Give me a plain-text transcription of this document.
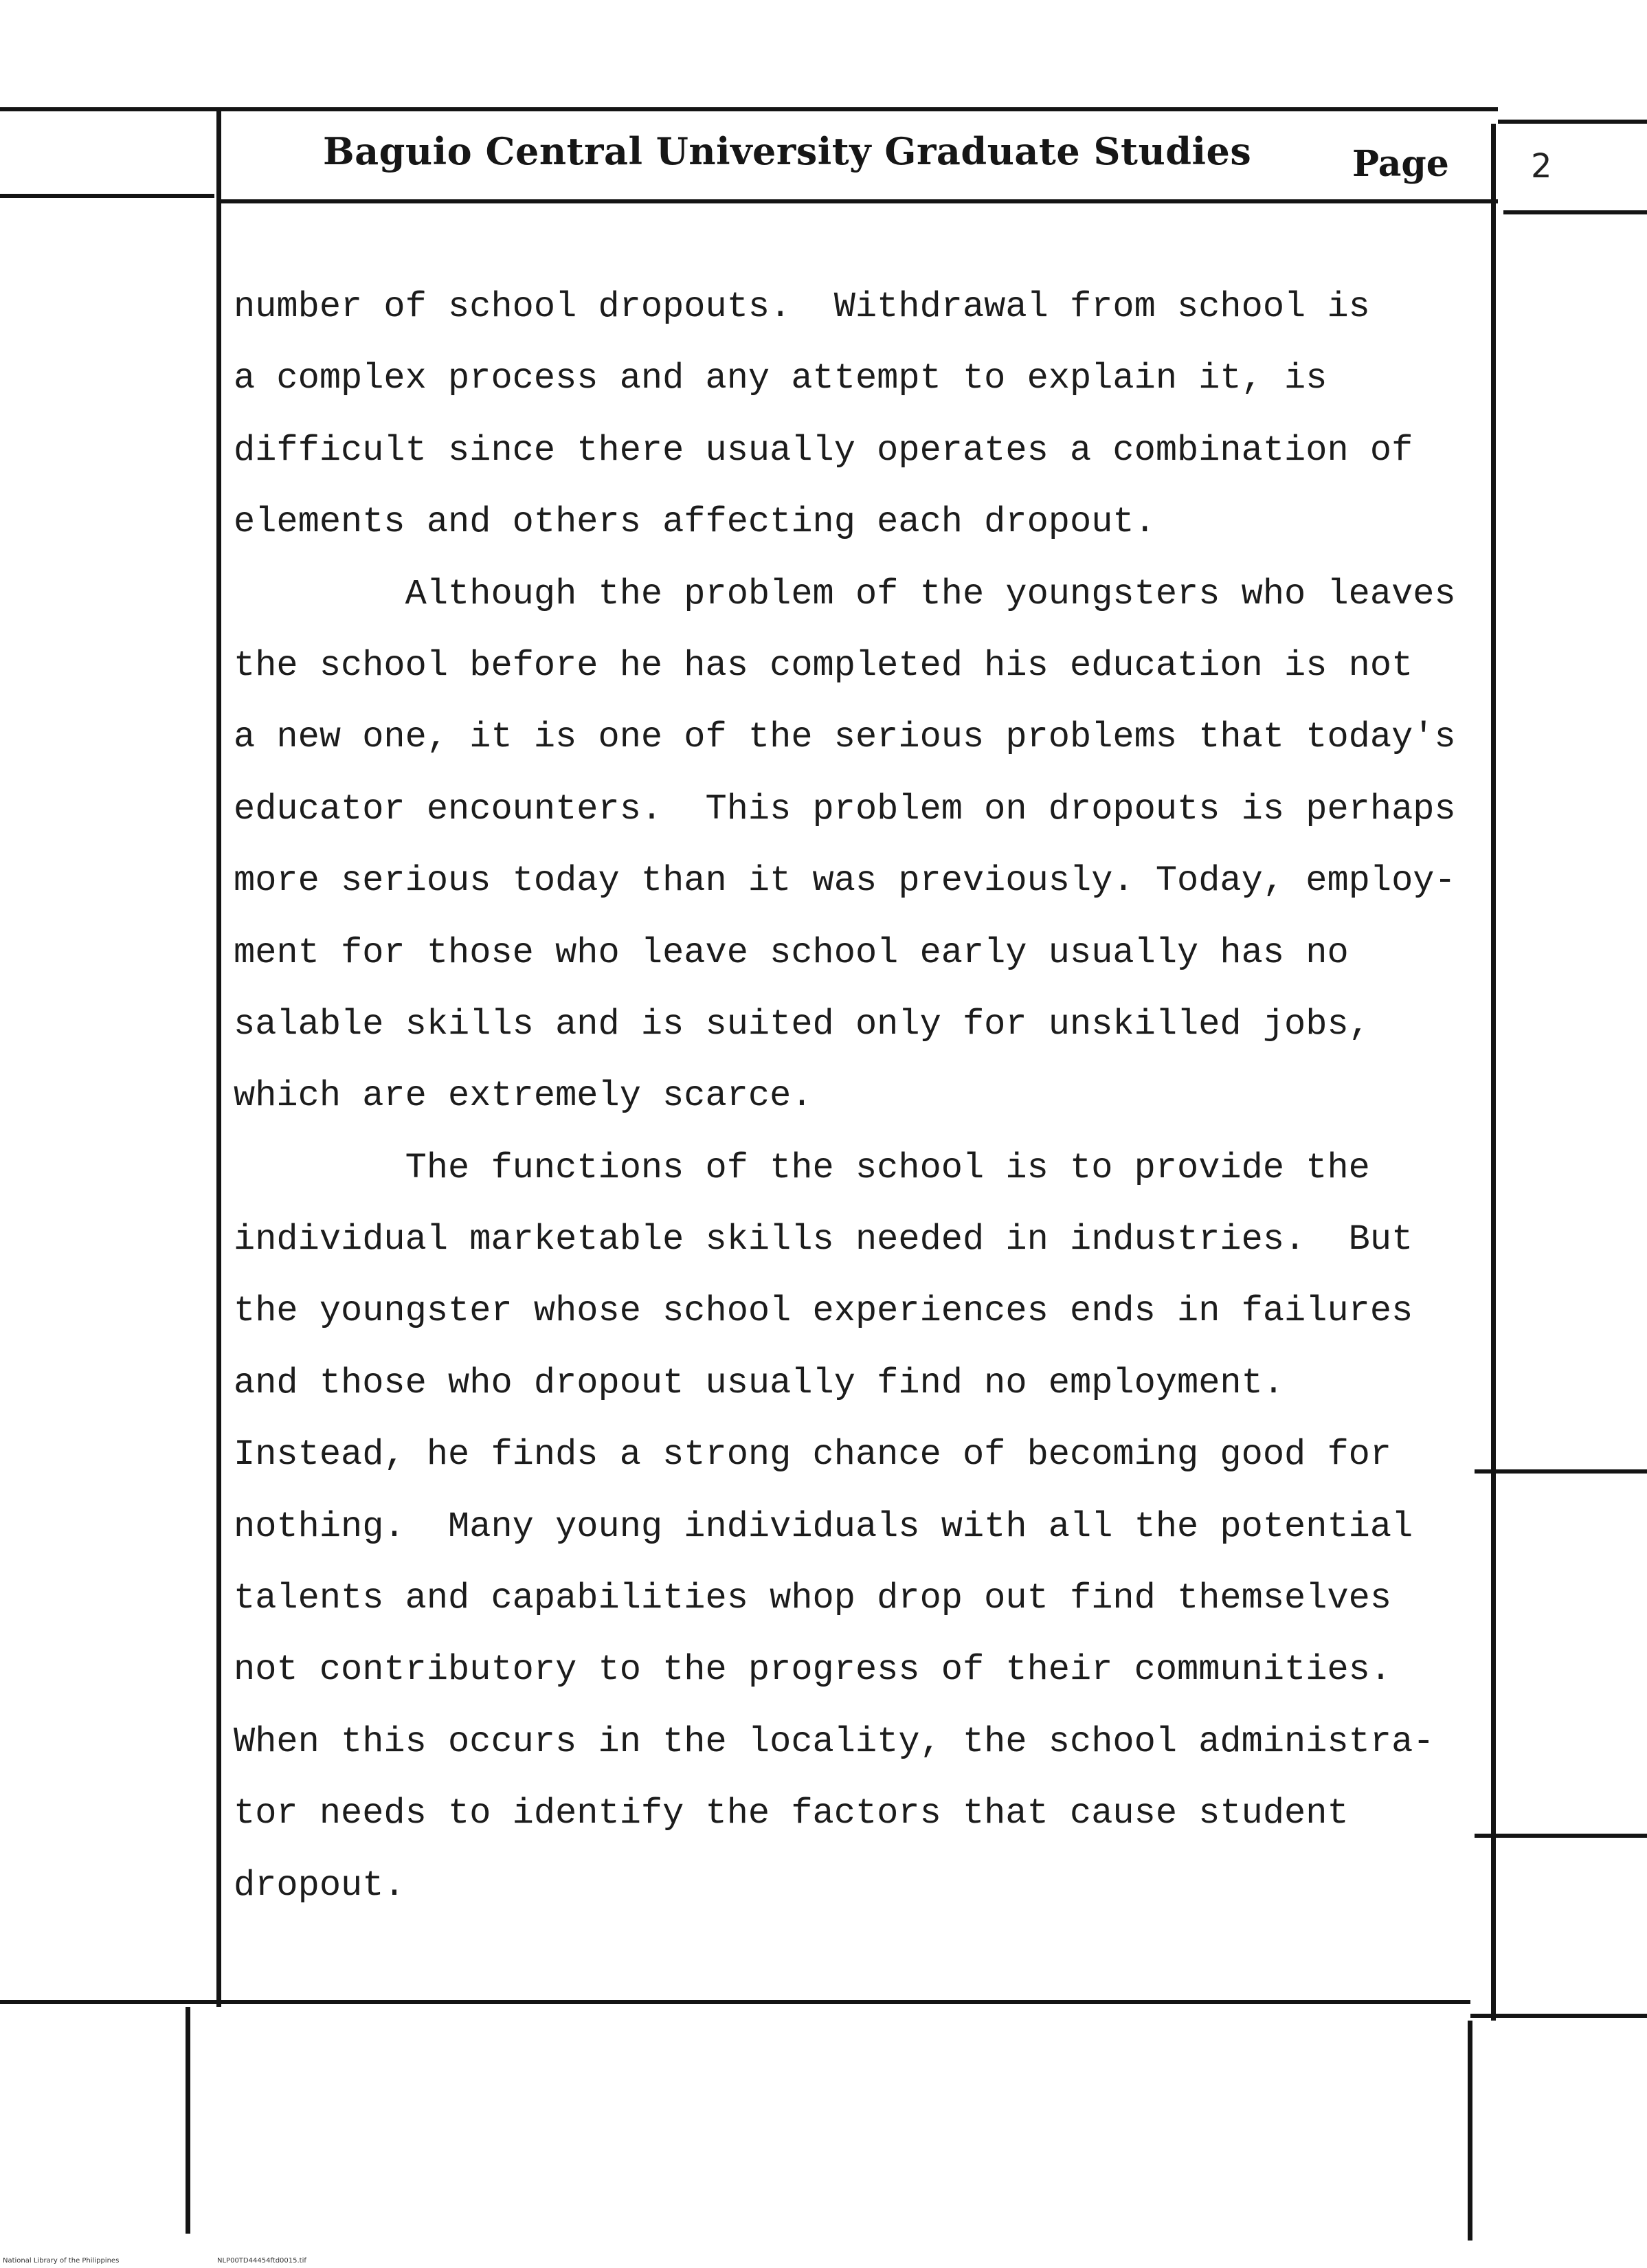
Baguio Central University Graduate Studies	Page 2
number of school dropouts.  Withdrawal from school is
a complex process and any attempt to explain it, is
difficult since there usually operates a combination of
elements and others affecting each dropout.
Although the problem of the youngsters who leaves
the school before he has completed his education is not
a new one, it is one of the serious problems that today's
educator encounters.  This problem on dropouts is perhaps
more serious today than it was previously. Today, employ-
ment for those who leave school early usually has no
salable skills and is suited only for unskilled jobs,
which are extremely scarce.
The functions of the school is to provide the
individual marketable skills needed in industries.  But
the youngster whose school experiences ends in failures
and those who dropout usually find no employment.
Instead, he finds a strong chance of becoming good for
nothing.  Many young individuals with all the potential
talents and capabilities whop drop out find themselves
not contributory to the progress of their communities.
When this occurs in the locality, the school administra-
tor needs to identify the factors that cause student
dropout.
National Library of the Philippines	NLP00TD44454ftd0015.tif
